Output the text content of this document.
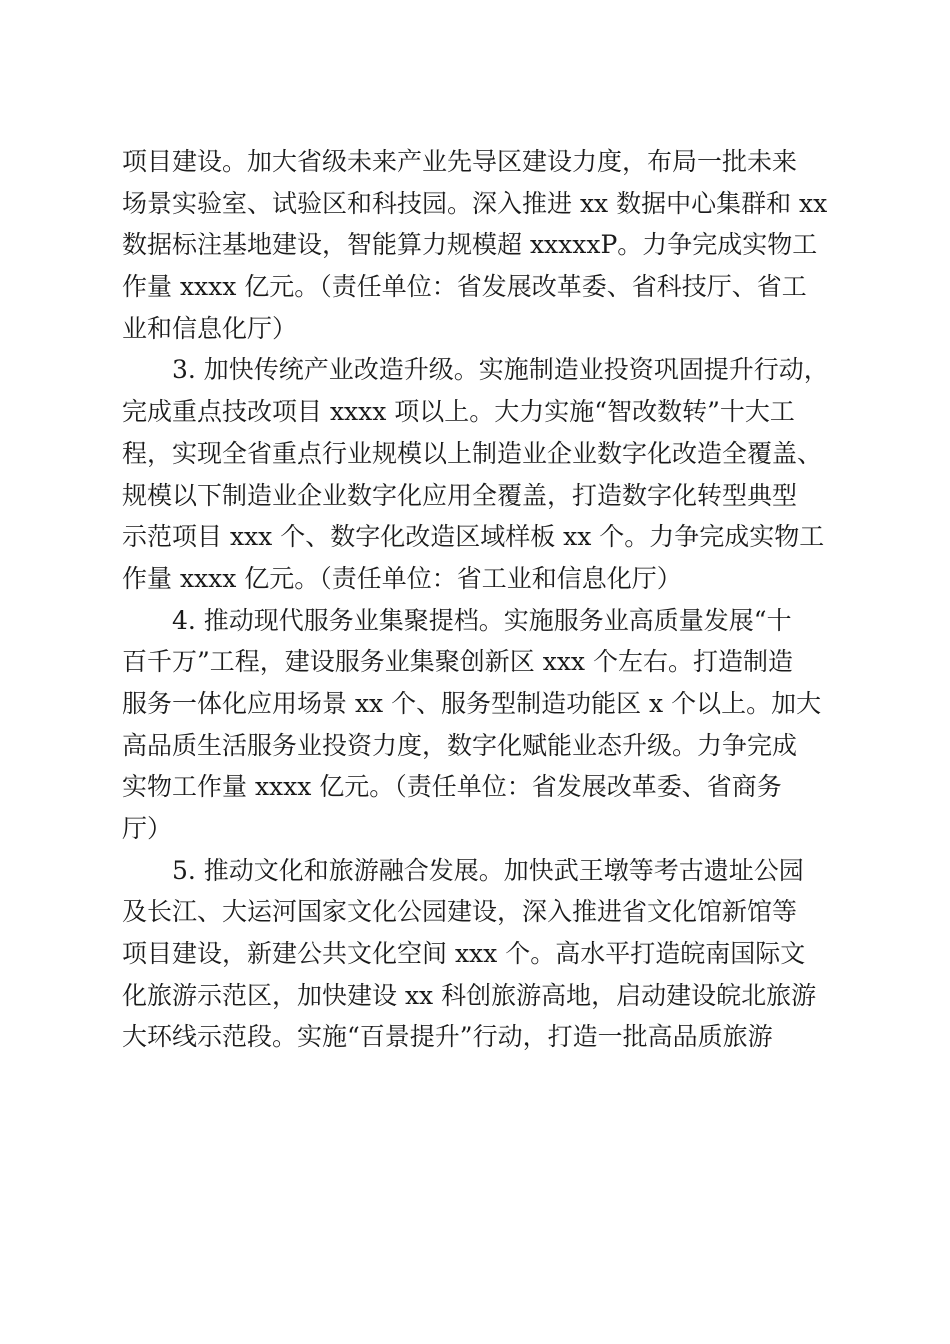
项目建设。加大省级未来产业先导区建设力度，布局一批未来
场景实验室、试验区和科技园。深入推进 xx 数据中心集群和 xx
数据标注基地建设，智能算力规模超 xxxxxP。力争完成实物工
作量 xxxx 亿元。（责任单位：省发展改革委、省科技厅、省工
业和信息化厅）
3. 加快传统产业改造升级。实施制造业投资巩固提升行动，
完成重点技改项目 xxxx 项以上。大力实施“智改数转”十大工
程，实现全省重点行业规模以上制造业企业数字化改造全覆盖、
规模以下制造业企业数字化应用全覆盖，打造数字化转型典型
示范项目 xxx 个、数字化改造区域样板 xx 个。力争完成实物工
作量 xxxx 亿元。（责任单位：省工业和信息化厅）
4. 推动现代服务业集聚提档。实施服务业高质量发展“十
百千万”工程，建设服务业集聚创新区 xxx 个左右。打造制造
服务一体化应用场景 xx 个、服务型制造功能区 x 个以上。加大
高品质生活服务业投资力度，数字化赋能业态升级。力争完成
实物工作量 xxxx 亿元。（责任单位：省发展改革委、省商务
厅）
5. 推动文化和旅游融合发展。加快武王墩等考古遗址公园
及长江、大运河国家文化公园建设，深入推进省文化馆新馆等
项目建设，新建公共文化空间 xxx 个。高水平打造皖南国际文
化旅游示范区，加快建设 xx 科创旅游高地，启动建设皖北旅游
大环线示范段。实施“百景提升”行动，打造一批高品质旅游
